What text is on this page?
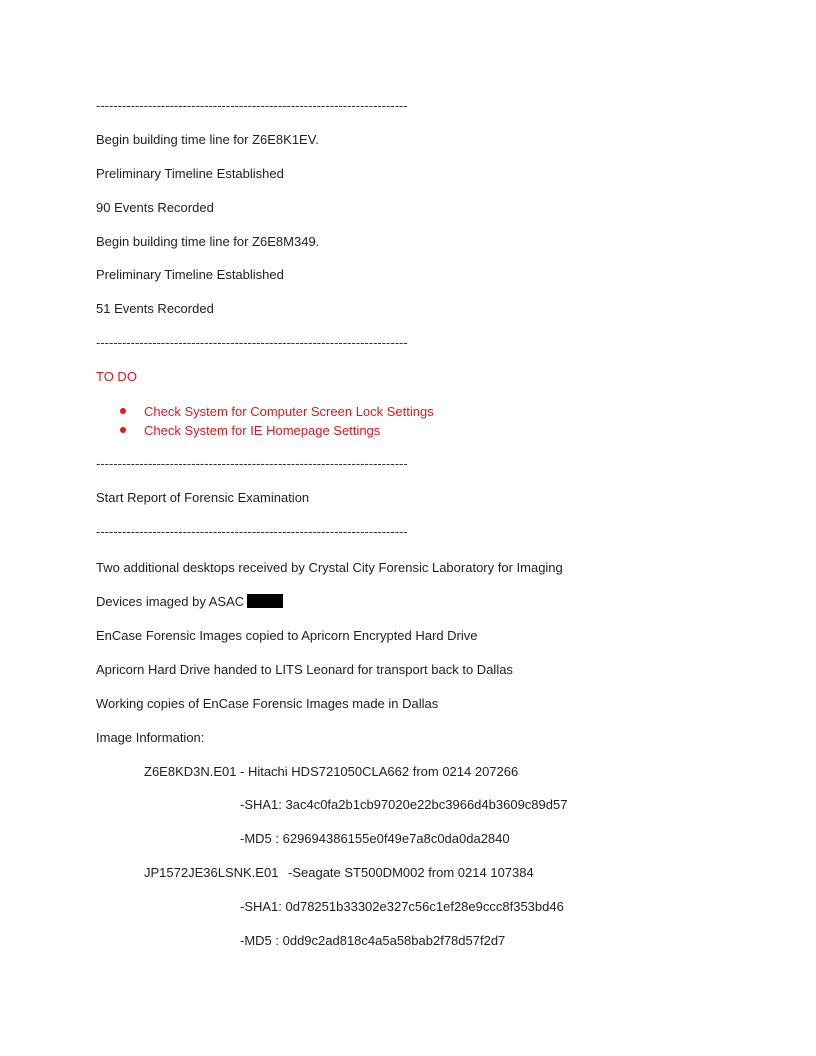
------------------------------------------------------------------------
Begin building time line for Z6E8K1EV.
Preliminary Timeline Established
90 Events Recorded
Begin building time line for Z6E8M349.
Preliminary Timeline Established
51 Events Recorded
------------------------------------------------------------------------
TO DO
Check System for Computer Screen Lock Settings
Check System for IE Homepage Settings
------------------------------------------------------------------------
Start Report of Forensic Examination
------------------------------------------------------------------------
Two additional desktops received by Crystal City Forensic Laboratory for Imaging
Devices imaged by ASAC
EnCase Forensic Images copied to Apricorn Encrypted Hard Drive
Apricorn Hard Drive handed to LITS Leonard for transport back to Dallas
Working copies of EnCase Forensic Images made in Dallas
Image Information:
Z6E8KD3N.E01 - Hitachi HDS721050CLA662 from 0214 207266
-SHA1: 3ac4c0fa2b1cb97020e22bc3966d4b3609c89d57
-MD5 : 629694386155e0f49e7a8c0da0da2840
JP1572JE36LSNK.E01 -Seagate ST500DM002 from 0214 107384
-SHA1: 0d78251b33302e327c56c1ef28e9ccc8f353bd46
-MD5 : 0dd9c2ad818c4a5a58bab2f78d57f2d7
